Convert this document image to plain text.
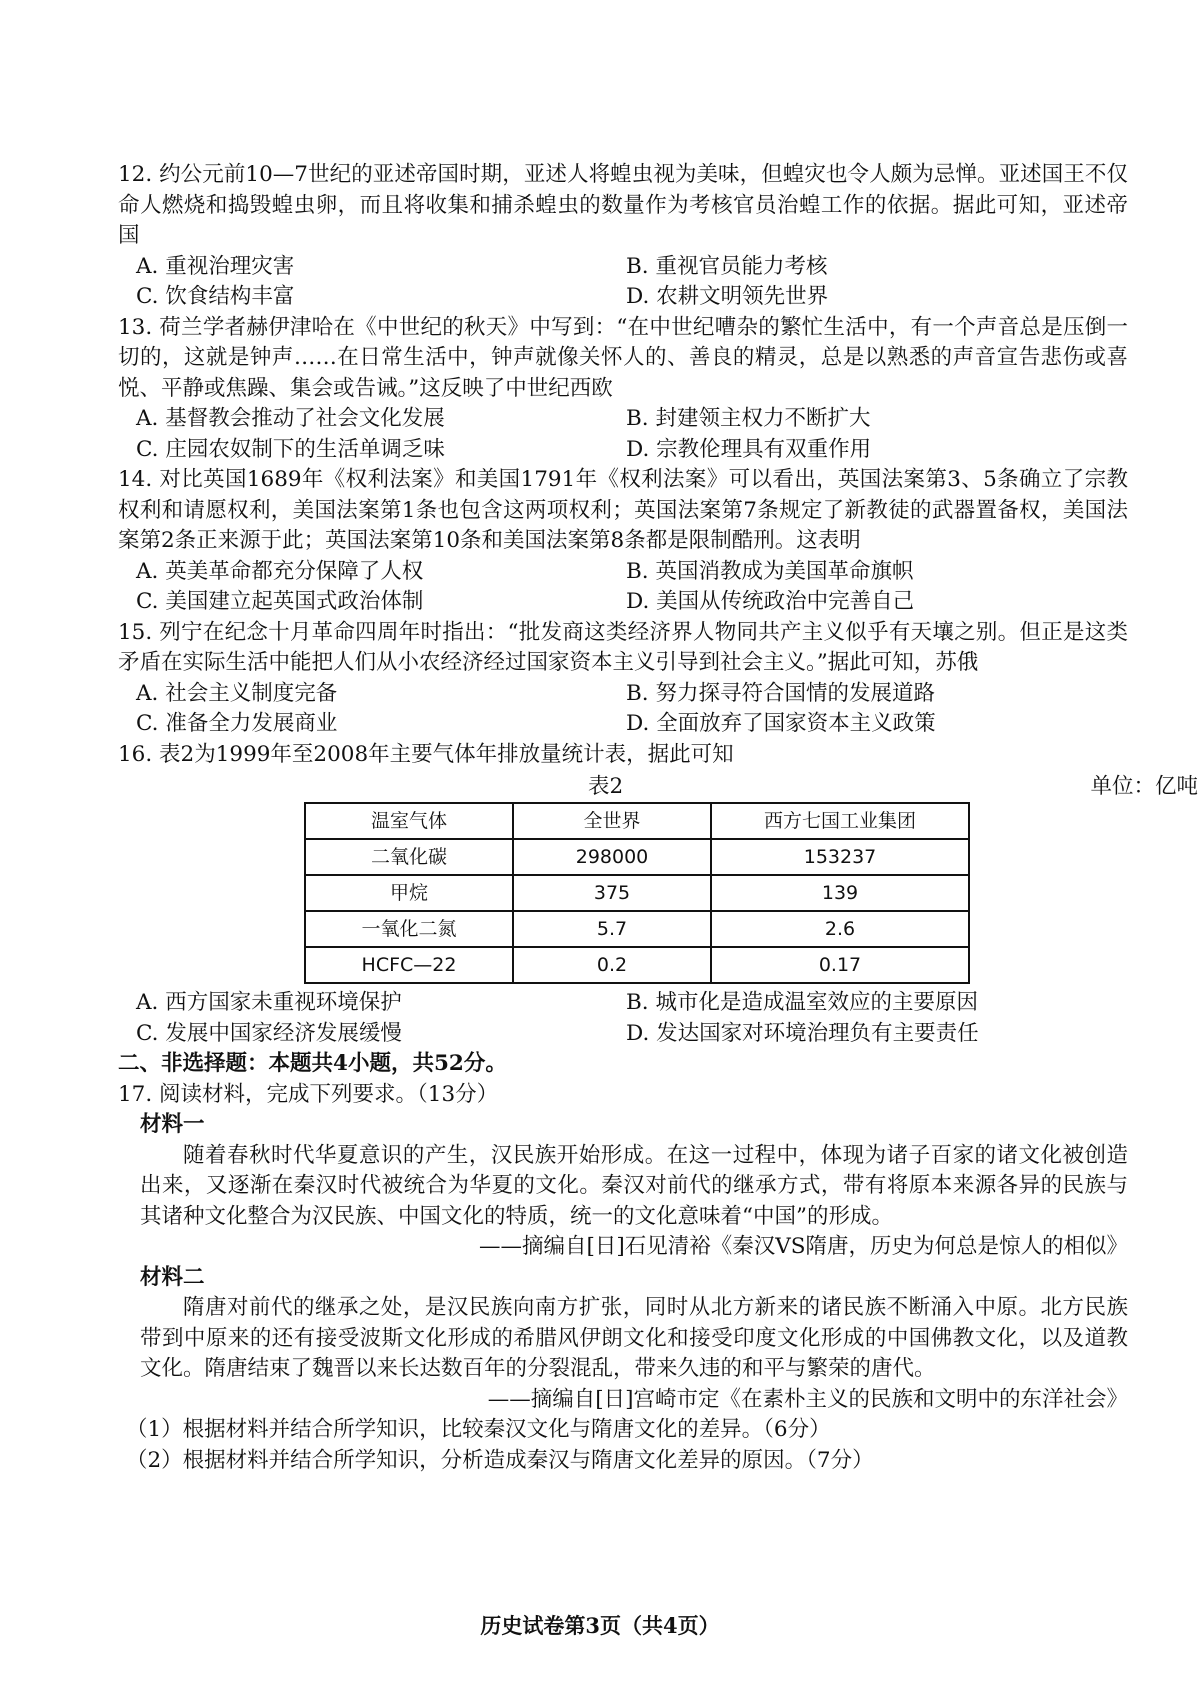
12. 约公元前10—7世纪的亚述帝国时期，亚述人将蝗虫视为美味，但蝗灾也令人颇为忌惮。亚述国王不仅命人燃烧和捣毁蝗虫卵，而且将收集和捕杀蝗虫的数量作为考核官员治蝗工作的依据。据此可知，亚述帝国
A. 重视治理灾害	B. 重视官员能力考核
C. 饮食结构丰富	D. 农耕文明领先世界
13. 荷兰学者赫伊津哈在《中世纪的秋天》中写到：“在中世纪嘈杂的繁忙生活中，有一个声音总是压倒一切的，这就是钟声……在日常生活中，钟声就像关怀人的、善良的精灵，总是以熟悉的声音宣告悲伤或喜悦、平静或焦躁、集会或告诫。”这反映了中世纪西欧
A. 基督教会推动了社会文化发展	B. 封建领主权力不断扩大
C. 庄园农奴制下的生活单调乏味	D. 宗教伦理具有双重作用
14. 对比英国1689年《权利法案》和美国1791年《权利法案》可以看出，英国法案第3、5条确立了宗教权利和请愿权利，美国法案第1条也包含这两项权利；英国法案第7条规定了新教徒的武器置备权，美国法案第2条正来源于此；英国法案第10条和美国法案第8条都是限制酷刑。这表明
A. 英美革命都充分保障了人权	B. 英国消教成为美国革命旗帜
C. 美国建立起英国式政治体制	D. 美国从传统政治中完善自己
15. 列宁在纪念十月革命四周年时指出：“批发商这类经济界人物同共产主义似乎有天壤之别。但正是这类矛盾在实际生活中能把人们从小农经济经过国家资本主义引导到社会主义。”据此可知，苏俄
A. 社会主义制度完备	B. 努力探寻符合国情的发展道路
C. 准备全力发展商业	D. 全面放弃了国家资本主义政策
16. 表2为1999年至2008年主要气体年排放量统计表，据此可知
表2	单位：亿吨
温室气体	全世界	西方七国工业集团
二氧化碳	298000	153237
甲烷	375	139
一氧化二氮	5.7	2.6
HCFC—22	0.2	0.17
A. 西方国家未重视环境保护	B. 城市化是造成温室效应的主要原因
C. 发展中国家经济发展缓慢	D. 发达国家对环境治理负有主要责任
二、非选择题：本题共4小题，共52分。
17. 阅读材料，完成下列要求。（13分）
材料一
随着春秋时代华夏意识的产生，汉民族开始形成。在这一过程中，体现为诸子百家的诸文化被创造出来，又逐渐在秦汉时代被统合为华夏的文化。秦汉对前代的继承方式，带有将原本来源各异的民族与其诸种文化整合为汉民族、中国文化的特质，统一的文化意味着“中国”的形成。
——摘编自[日]石见清裕《秦汉VS隋唐，历史为何总是惊人的相似》
材料二
隋唐对前代的继承之处，是汉民族向南方扩张，同时从北方新来的诸民族不断涌入中原。北方民族带到中原来的还有接受波斯文化形成的希腊风伊朗文化和接受印度文化形成的中国佛教文化，以及道教文化。隋唐结束了魏晋以来长达数百年的分裂混乱，带来久违的和平与繁荣的唐代。
——摘编自[日]宫崎市定《在素朴主义的民族和文明中的东洋社会》
（1）根据材料并结合所学知识，比较秦汉文化与隋唐文化的差异。（6分）
（2）根据材料并结合所学知识，分析造成秦汉与隋唐文化差异的原因。（7分）
历史试卷第3页（共4页）
